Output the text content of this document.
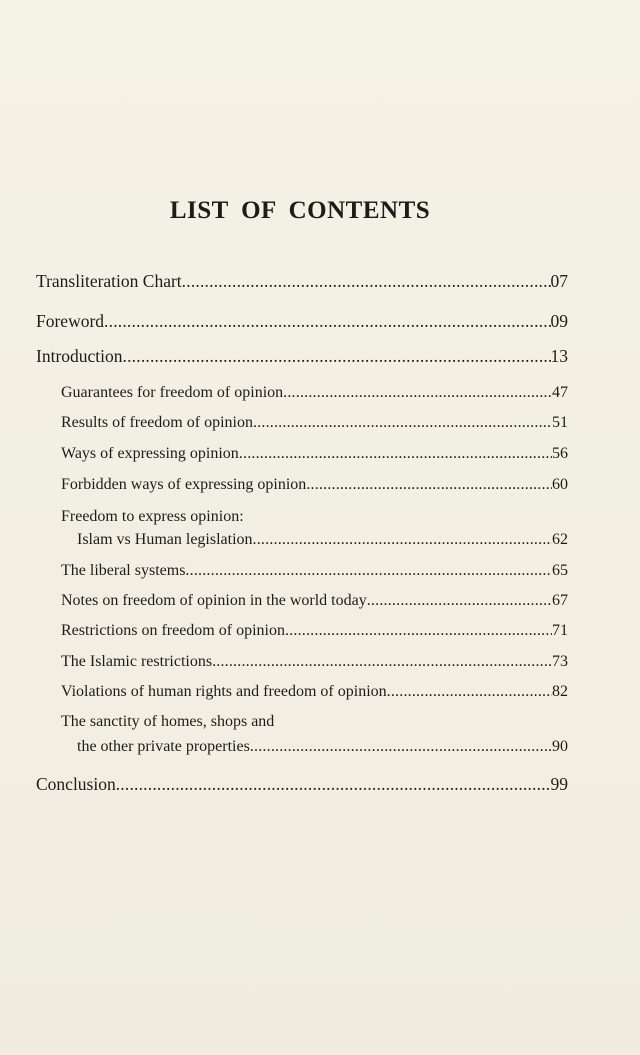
LIST OF CONTENTS
Transliteration Chart .....	07
Foreword .....	09
Introduction .....	13
Guarantees for freedom of opinion .....	47
Results of freedom of opinion .....	51
Ways of expressing opinion .....	56
Forbidden ways of expressing opinion .....	60
Freedom to express opinion:
Islam vs Human legislation .....	62
The liberal systems .....	65
Notes on freedom of opinion in the world today .....	67
Restrictions on freedom of opinion .....	71
The Islamic restrictions .....	73
Violations of human rights and freedom of opinion .....	82
The sanctity of homes, shops and
the other private properties .....	90
Conclusion .....	99
